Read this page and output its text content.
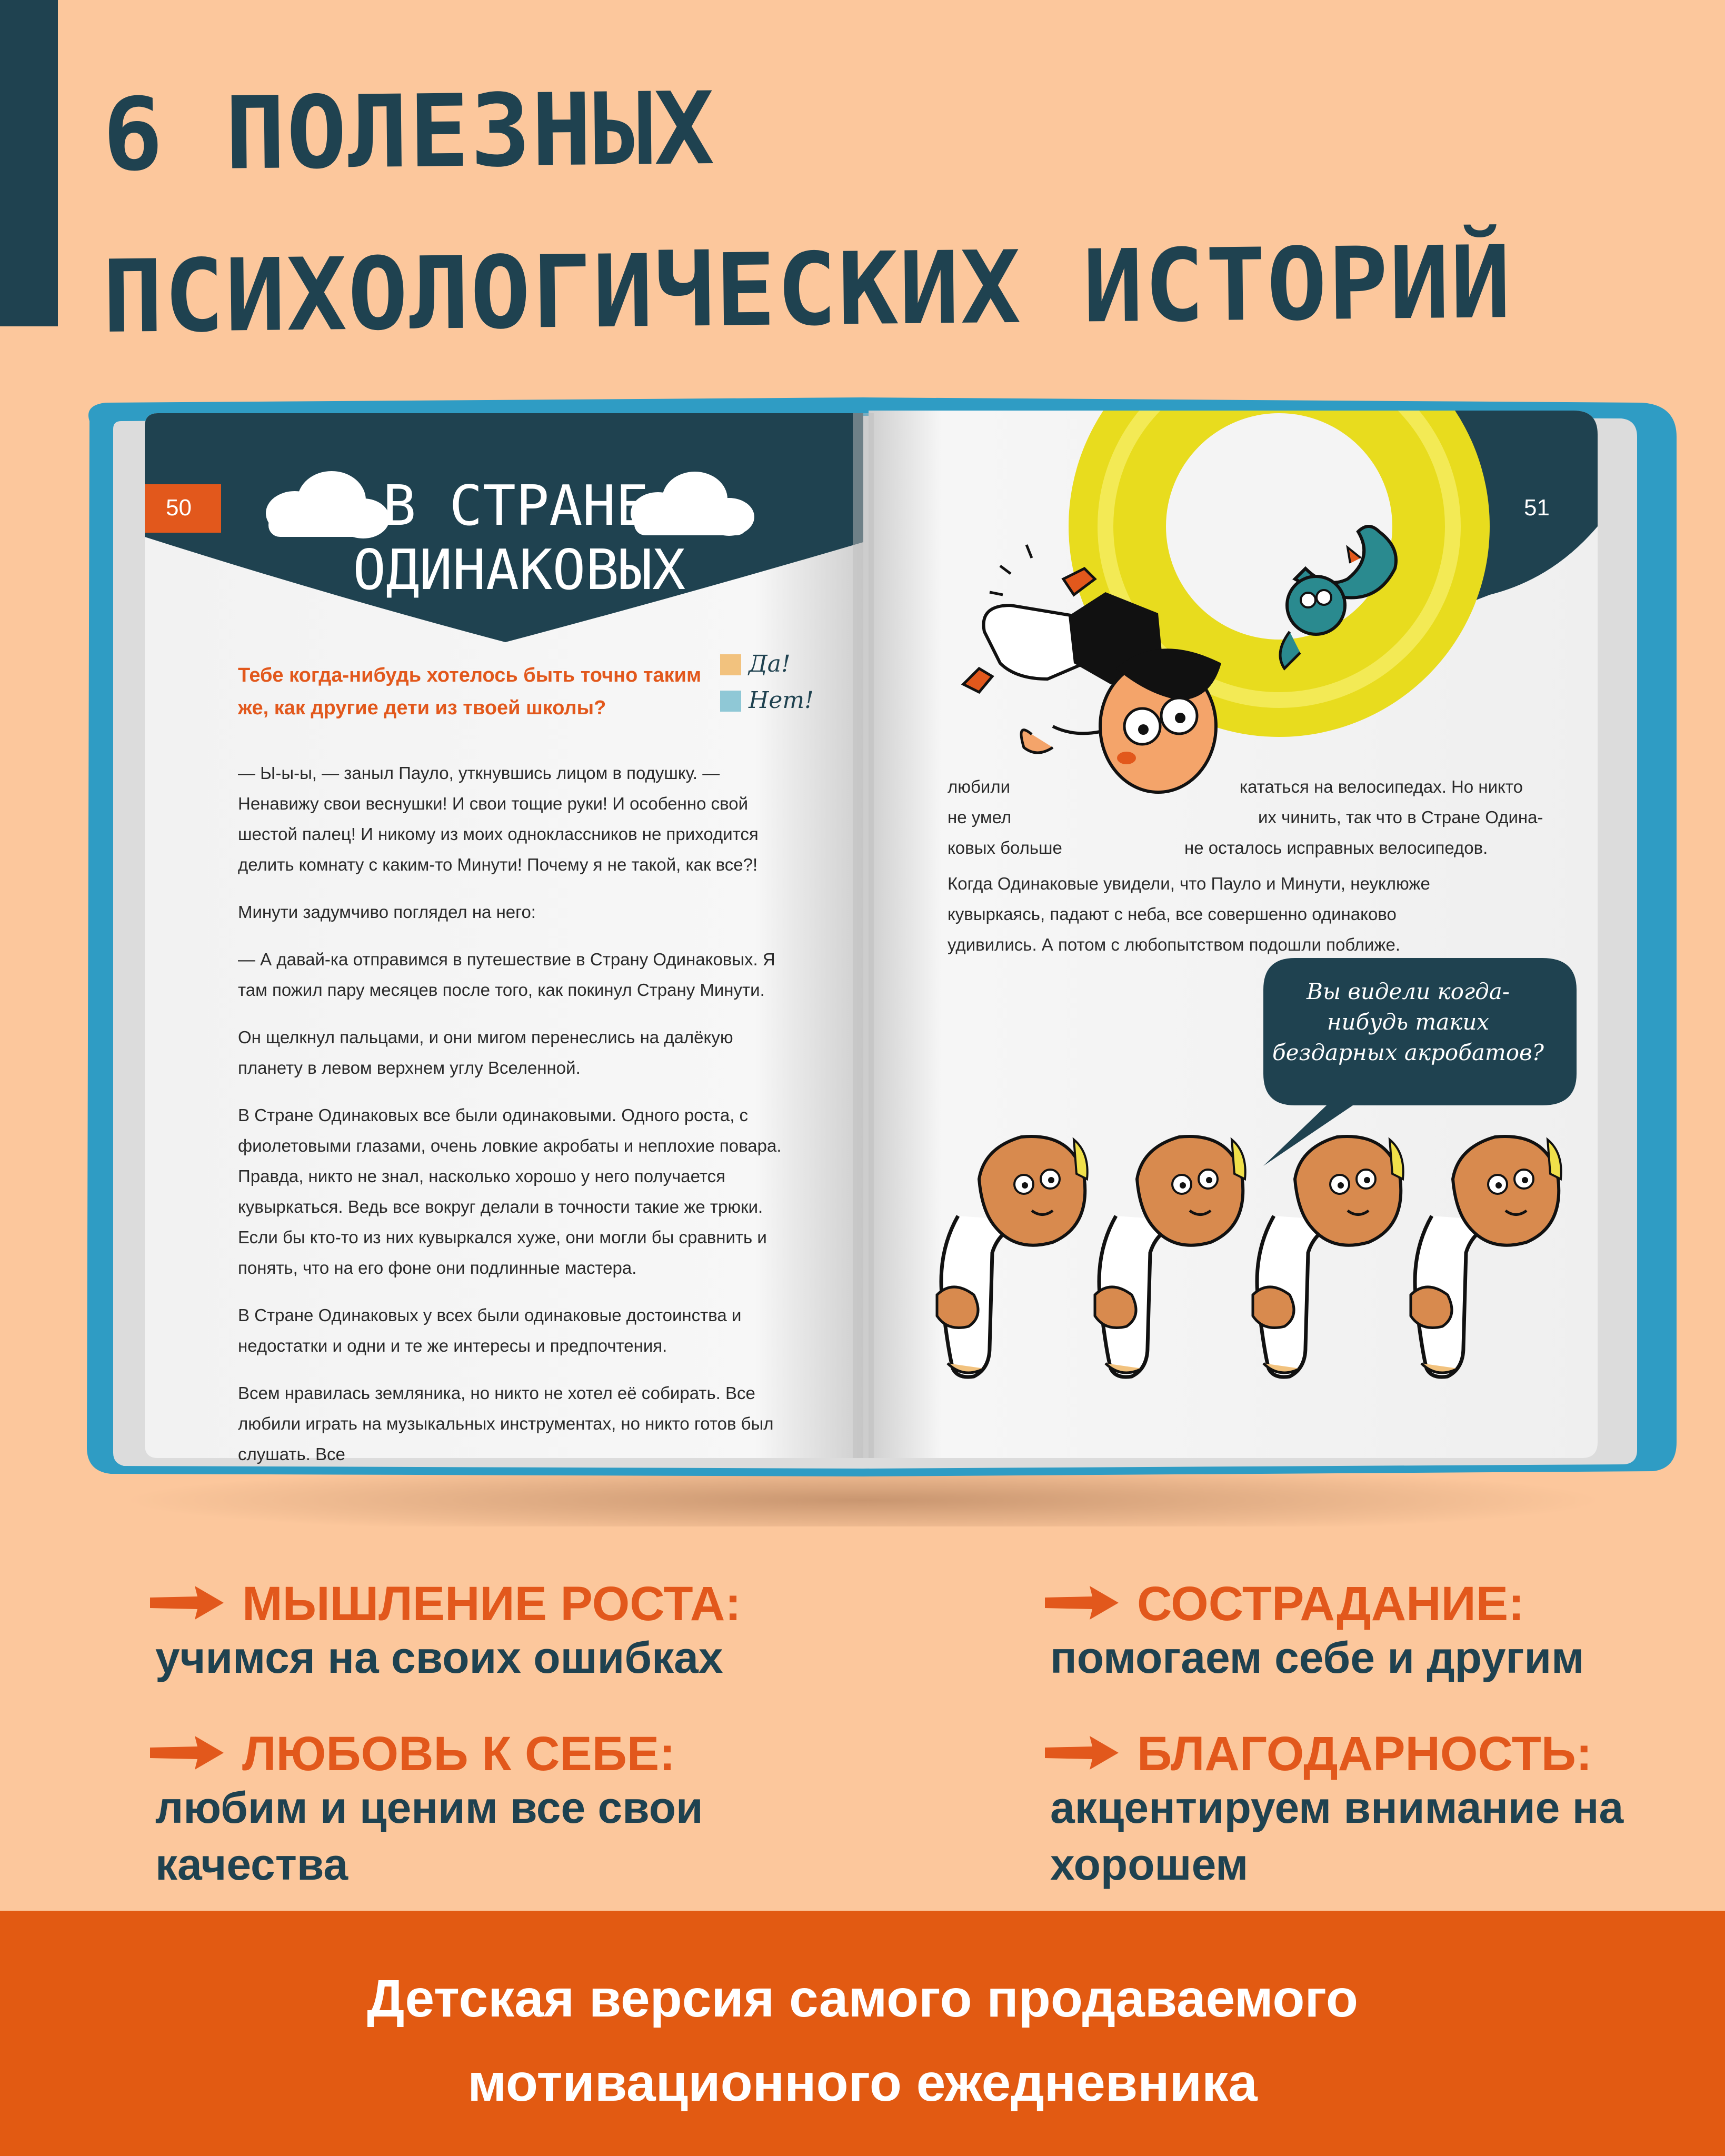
6 ПОЛЕЗНЫХ
ПСИХОЛОГИЧЕСКИХ ИСТОРИЙ
50	51
В СТРАНЕ ОДИНАКОВЫХ
Тебе когда-нибудь хотелось быть точно таким же, как другие дети из твоей школы?
Да!
Нет!

— Ы-ы-ы, — заныл Пауло, уткнувшись лицом в подушку. — Ненавижу свои веснушки! И свои тощие руки! И особенно свой шестой палец! И никому из моих одноклассников не приходится делить комнату с каким-то Минути! Почему я не такой, как все?!

Минути задумчиво поглядел на него:

— А давай-ка отправимся в путешествие в Страну Одинаковых. Я там пожил пару месяцев после того, как покинул Страну Минути.

Он щелкнул пальцами, и они мигом перенеслись на далёкую планету в левом верхнем углу Вселенной.

В Стране Одинаковых все были одинаковыми. Одного роста, с фиолетовыми глазами, очень ловкие акробаты и неплохие повара. Правда, никто не знал, насколько хорошо у него получается кувыркаться. Ведь все вокруг делали в точности такие же трюки. Если бы кто-то из них кувыркался хуже, они могли бы сравнить и понять, что на его фоне они подлинные мастера.

В Стране Одинаковых у всех были одинаковые достоинства и недостатки и одни и те же интересы и предпочтения.

Всем нравилась земляника, но никто не хотел её собирать. Все любили играть на музыкальных инструментах, но никто готов был слушать. Все

любили	кататься на велосипедах. Но никто
не умел	их чинить, так что в Стране Одина-
ковых больше	не осталось исправных велосипедов.
Когда Одинаковые увидели, что Пауло и Минути, неуклюже кувыркаясь, падают с неба, все совершенно одинаково удивились. А потом с любопытством подошли поближе.
Вы видели когда-нибудь таких бездарных акробатов?
МЫШЛЕНИЕ РОСТА:
учимся на своих ошибках
СОСТРАДАНИЕ:
помогаем себе и другим
ЛЮБОВЬ К СЕБЕ:
любим и ценим все свои качества
БЛАГОДАРНОСТЬ:
акцентируем внимание на хорошем
Детская версия самого продаваемого
мотивационного ежедневника
